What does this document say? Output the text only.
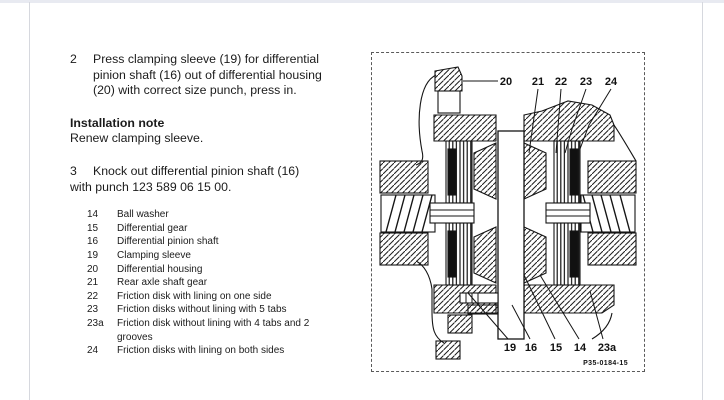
2	Press clamping sleeve (19) for differential pinion shaft (16) out of differential housing (20) with correct size punch, press in.
Installation note
Renew clamping sleeve.
3	Knock out differential pinion shaft (16)
with punch 123 589 06 15 00.
14	Ball washer
15	Differential gear
16	Differential pinion shaft
19	Clamping sleeve
20	Differential housing
21	Rear axle shaft gear
22	Friction disk with lining on one side
23	Friction disks without lining with 5 tabs
23a	Friction disk without lining with 4 tabs and 2 grooves
24	Friction disks with lining on both sides
20 21 22 23 24
19 16 15 14 23a
P35-0184-15
